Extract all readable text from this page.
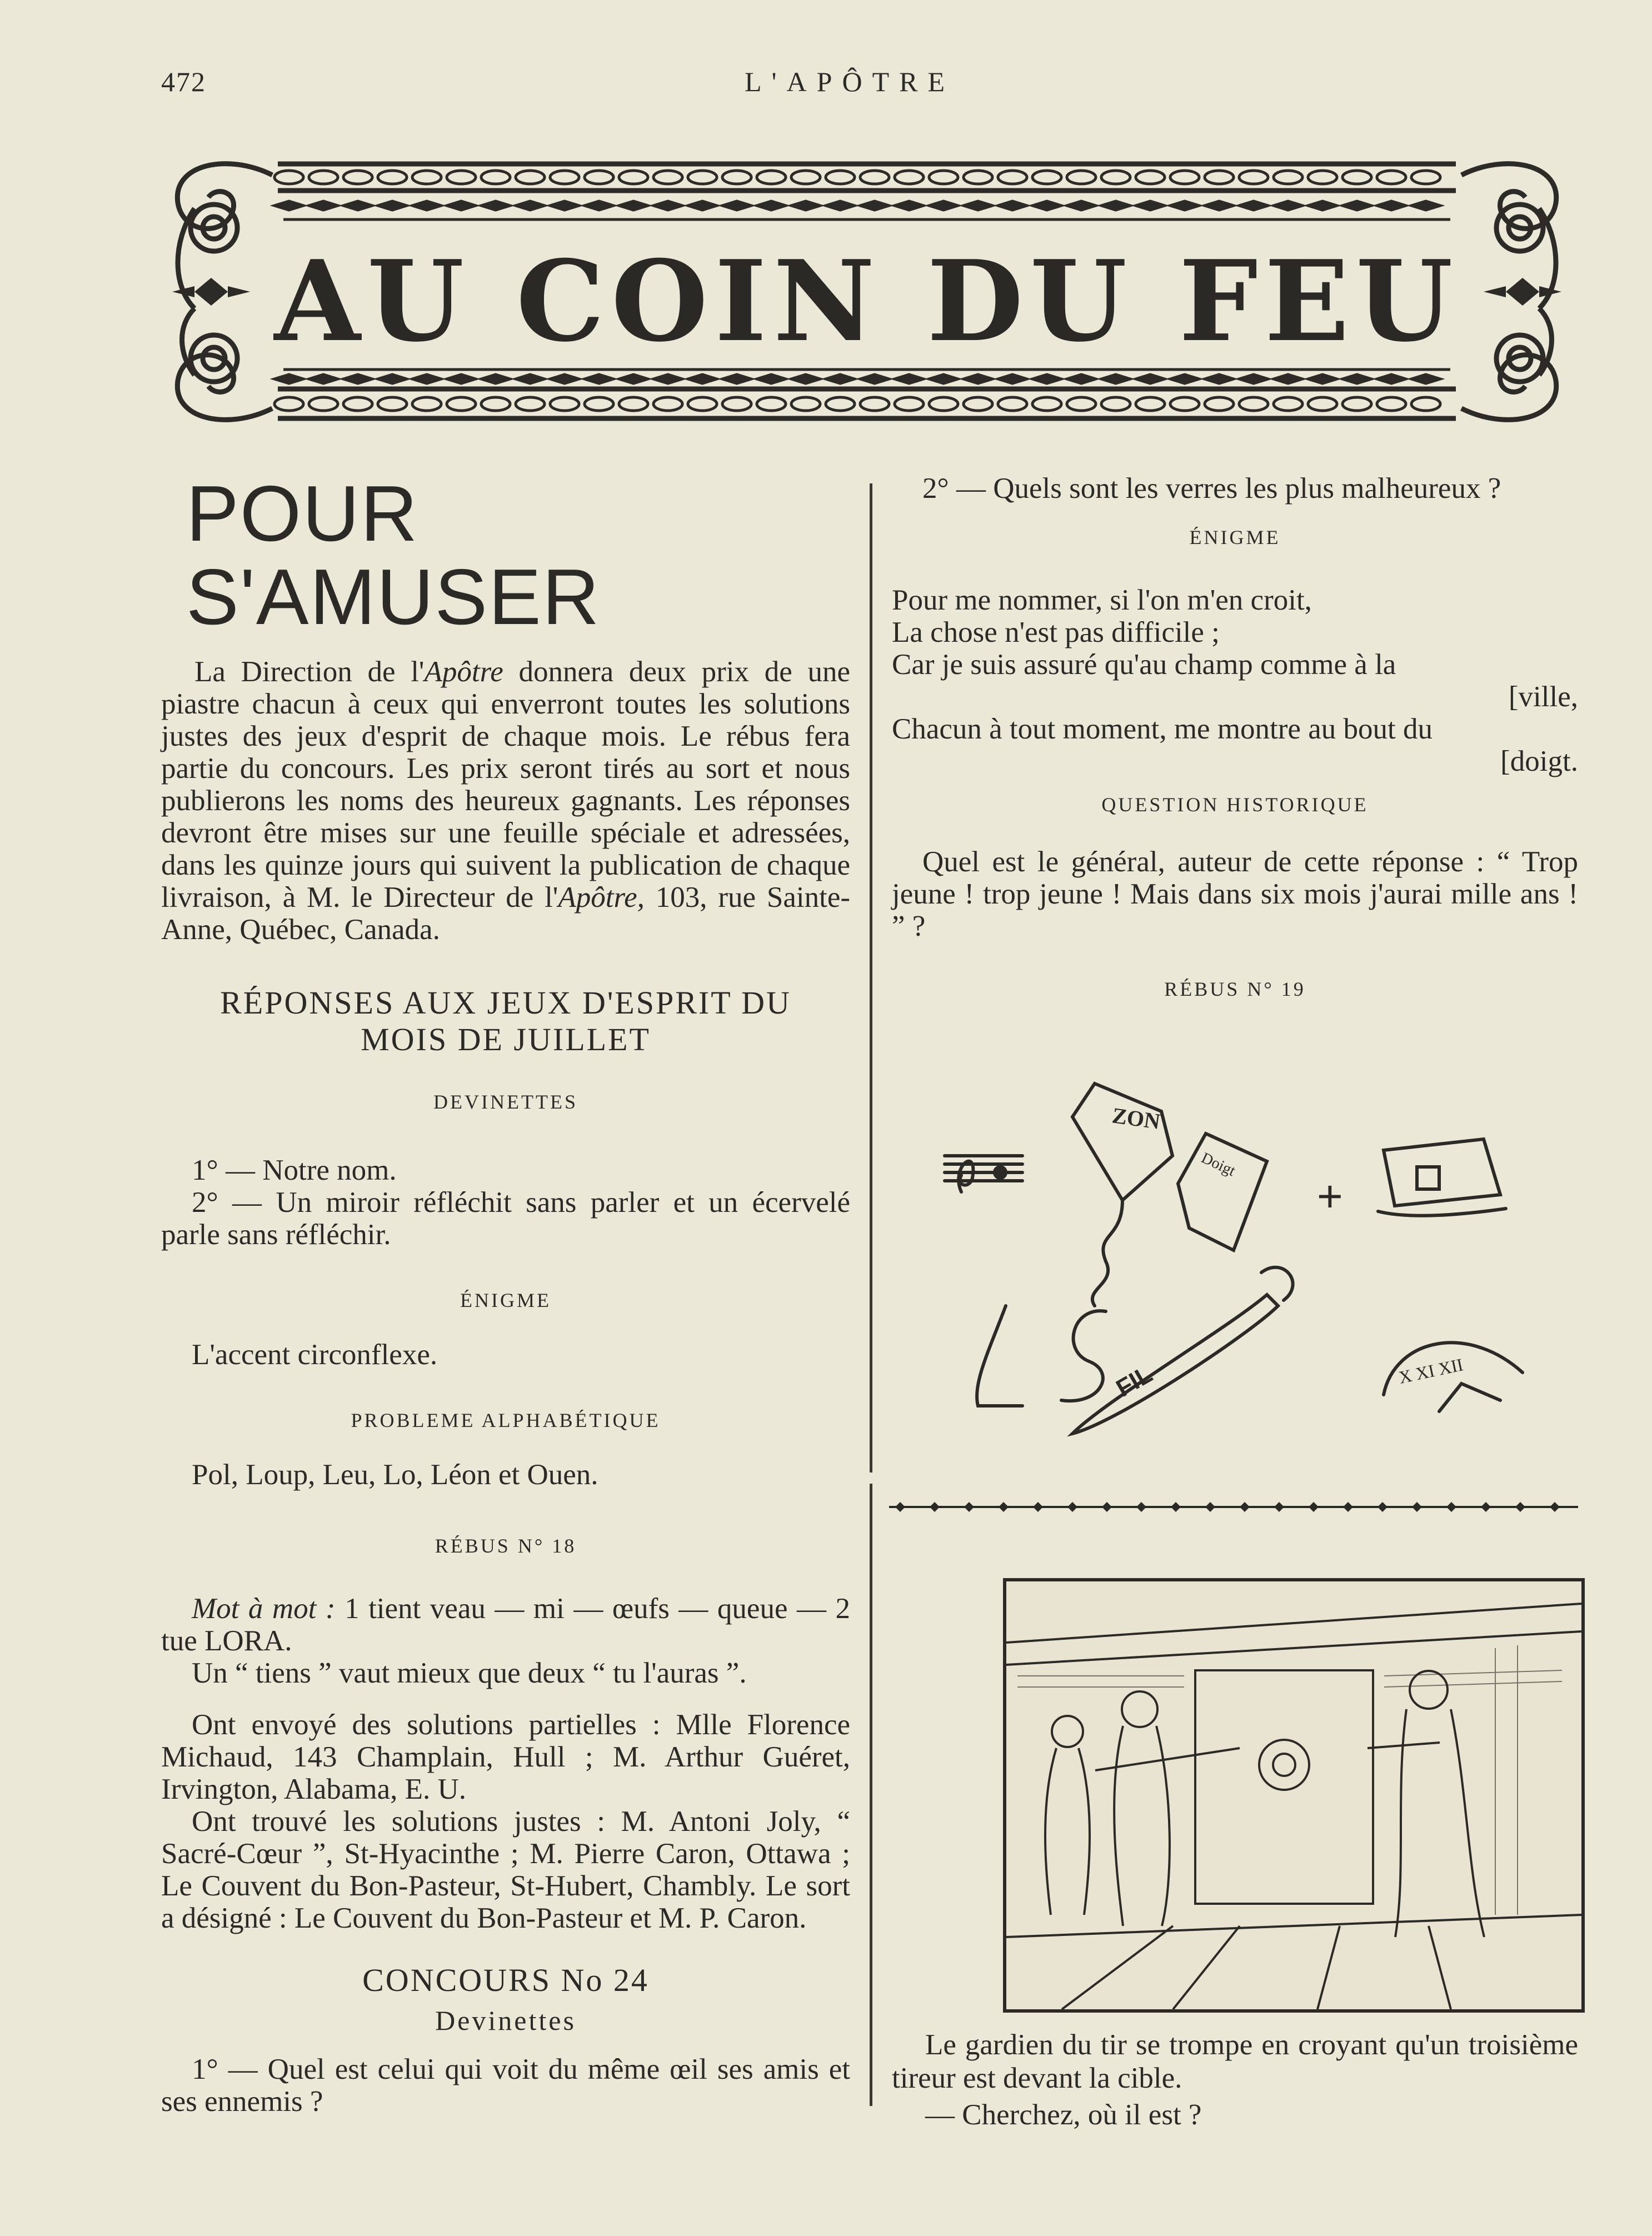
472	L'APÔTRE
AU COIN DU FEU
POUR S'AMUSER

La Direction de l'Apôtre donnera deux prix de une piastre chacun à ceux qui enverront toutes les solutions justes des jeux d'esprit de chaque mois. Le rébus fera partie du concours. Les prix seront tirés au sort et nous publierons les noms des heureux gagnants. Les réponses devront être mises sur une feuille spéciale et adressées, dans les quinze jours qui suivent la publication de chaque livraison, à M. le Directeur de l'Apôtre, 103, rue Sainte-Anne, Québec, Canada.

RÉPONSES AUX JEUX D'ESPRIT DU MOIS DE JUILLET
DEVINETTES

1° — Notre nom.

2° — Un miroir réfléchit sans parler et un écervelé parle sans réfléchir.

ÉNIGME

L'accent circonflexe.

PROBLEME ALPHABÉTIQUE

Pol, Loup, Leu, Lo, Léon et Ouen.

RÉBUS N° 18

Mot à mot : 1 tient veau — mi — œufs — queue — 2 tue LORA.

Un “ tiens ” vaut mieux que deux “ tu l'auras ”.

Ont envoyé des solutions partielles : Mlle Florence Michaud, 143 Champlain, Hull ; M. Arthur Guéret, Irvington, Alabama, E. U.

Ont trouvé les solutions justes : M. Antoni Joly, “ Sacré-Cœur ”, St-Hyacinthe ; M. Pierre Caron, Ottawa ; Le Couvent du Bon-Pasteur, St-Hubert, Chambly. Le sort a désigné : Le Couvent du Bon-Pasteur et M. P. Caron.

CONCOURS No 24
Devinettes

1° — Quel est celui qui voit du même œil ses amis et ses ennemis ?

2° — Quels sont les verres les plus malheureux ?

ÉNIGME

Pour me nommer, si l'on m'en croit,

La chose n'est pas difficile ;

Car je suis assuré qu'au champ comme à la

[ville,

Chacun à tout moment, me montre au bout du

[doigt.

QUESTION HISTORIQUE

Quel est le général, auteur de cette réponse : “ Trop jeune ! trop jeune ! Mais dans six mois j'aurai mille ans ! ” ?

RÉBUS N° 19
ZON
Doigt
+
FIL	X XI XII

Le gardien du tir se trompe en croyant qu'un troisième tireur est devant la cible.

— Cherchez, où il est ?
